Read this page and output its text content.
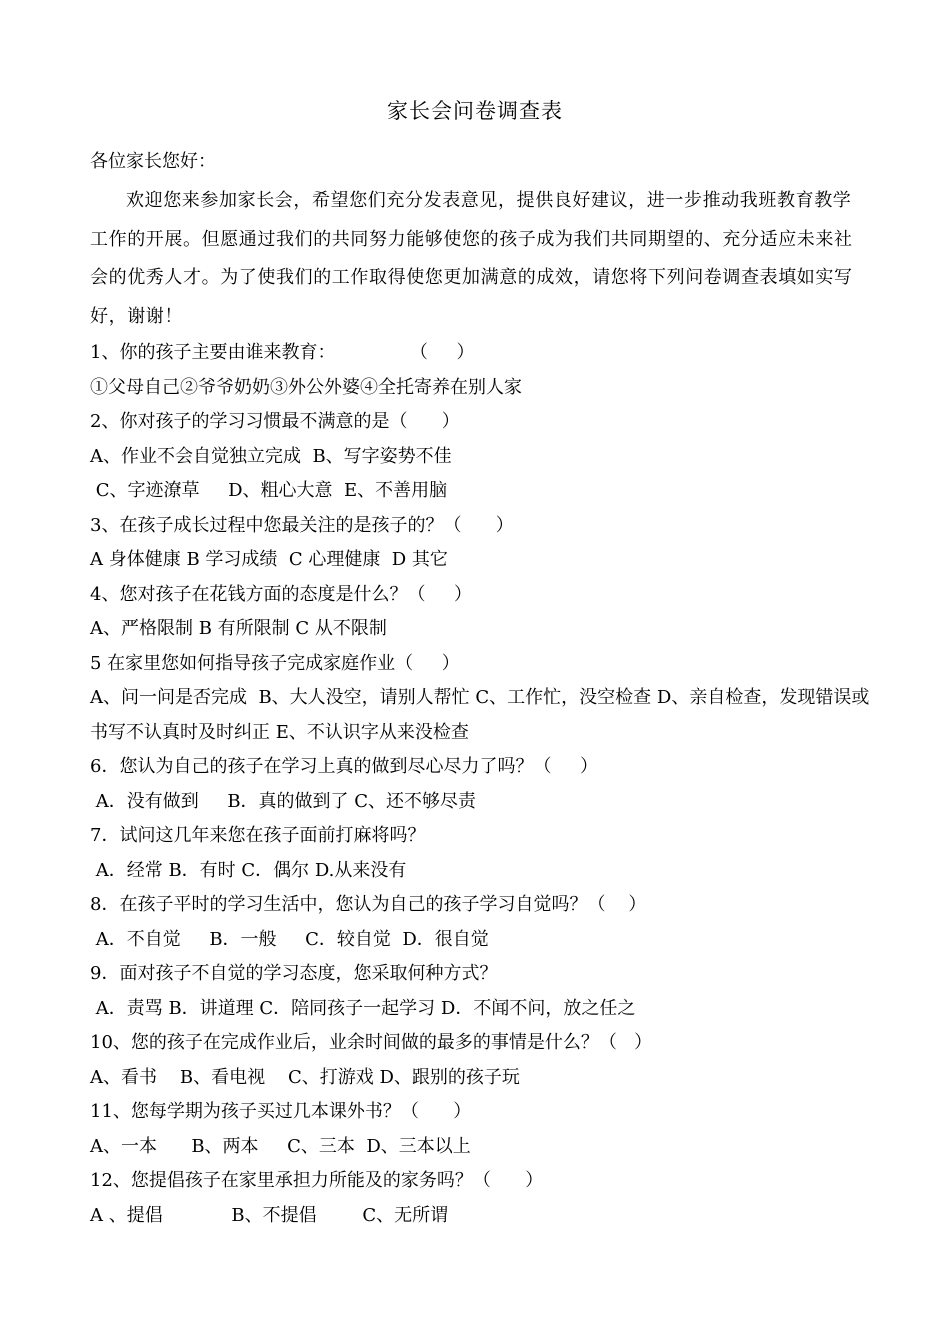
家长会问卷调查表
各位家长您好：
欢迎您来参加家长会，希望您们充分发表意见，提供良好建议，进一步推动我班教育教学工作的开展。但愿通过我们的共同努力能够使您的孩子成为我们共同期望的、充分适应未来社会的优秀人才。为了使我们的工作取得使您更加满意的成效，请您将下列问卷调查表填如实写好，谢谢！
1、你的孩子主要由谁来教育：             （     ）
①父母自己②爷爷奶奶③外公外婆④全托寄养在别人家
2、你对孩子的学习习惯最不满意的是（      ）
A、作业不会自觉独立完成  B、写字姿势不佳
C、字迹潦草     D、粗心大意  E、不善用脑
3、在孩子成长过程中您最关注的是孩子的？（      ）
A 身体健康 B 学习成绩  C 心理健康  D 其它
4、您对孩子在花钱方面的态度是什么？（     ）
A、严格限制 B 有所限制 C 从不限制
5 在家里您如何指导孩子完成家庭作业（     ）
A、问一问是否完成  B、大人没空，请别人帮忙 C、工作忙，没空检查 D、亲自检查，发现错误或
书写不认真时及时纠正 E、不认识字从来没检查
6．您认为自己的孩子在学习上真的做到尽心尽力了吗？（     ）
A．没有做到     B．真的做到了 C、还不够尽责
7．试问这几年来您在孩子面前打麻将吗？
A．经常 B．有时 C．偶尔 D.从来没有
8．在孩子平时的学习生活中，您认为自己的孩子学习自觉吗？（    ）
A．不自觉     B．一般     C．较自觉  D．很自觉
9．面对孩子不自觉的学习态度，您采取何种方式？
A．责骂 B．讲道理 C．陪同孩子一起学习 D．不闻不问，放之任之
10、您的孩子在完成作业后，业余时间做的最多的事情是什么？（   ）
A、看书    B、看电视    C、打游戏 D、跟别的孩子玩
11、您每学期为孩子买过几本课外书？（      ）
A、一本      B、两本     C、三本  D、三本以上
12、您提倡孩子在家里承担力所能及的家务吗？（      ）
A 、提倡            B、不提倡        C、无所谓
